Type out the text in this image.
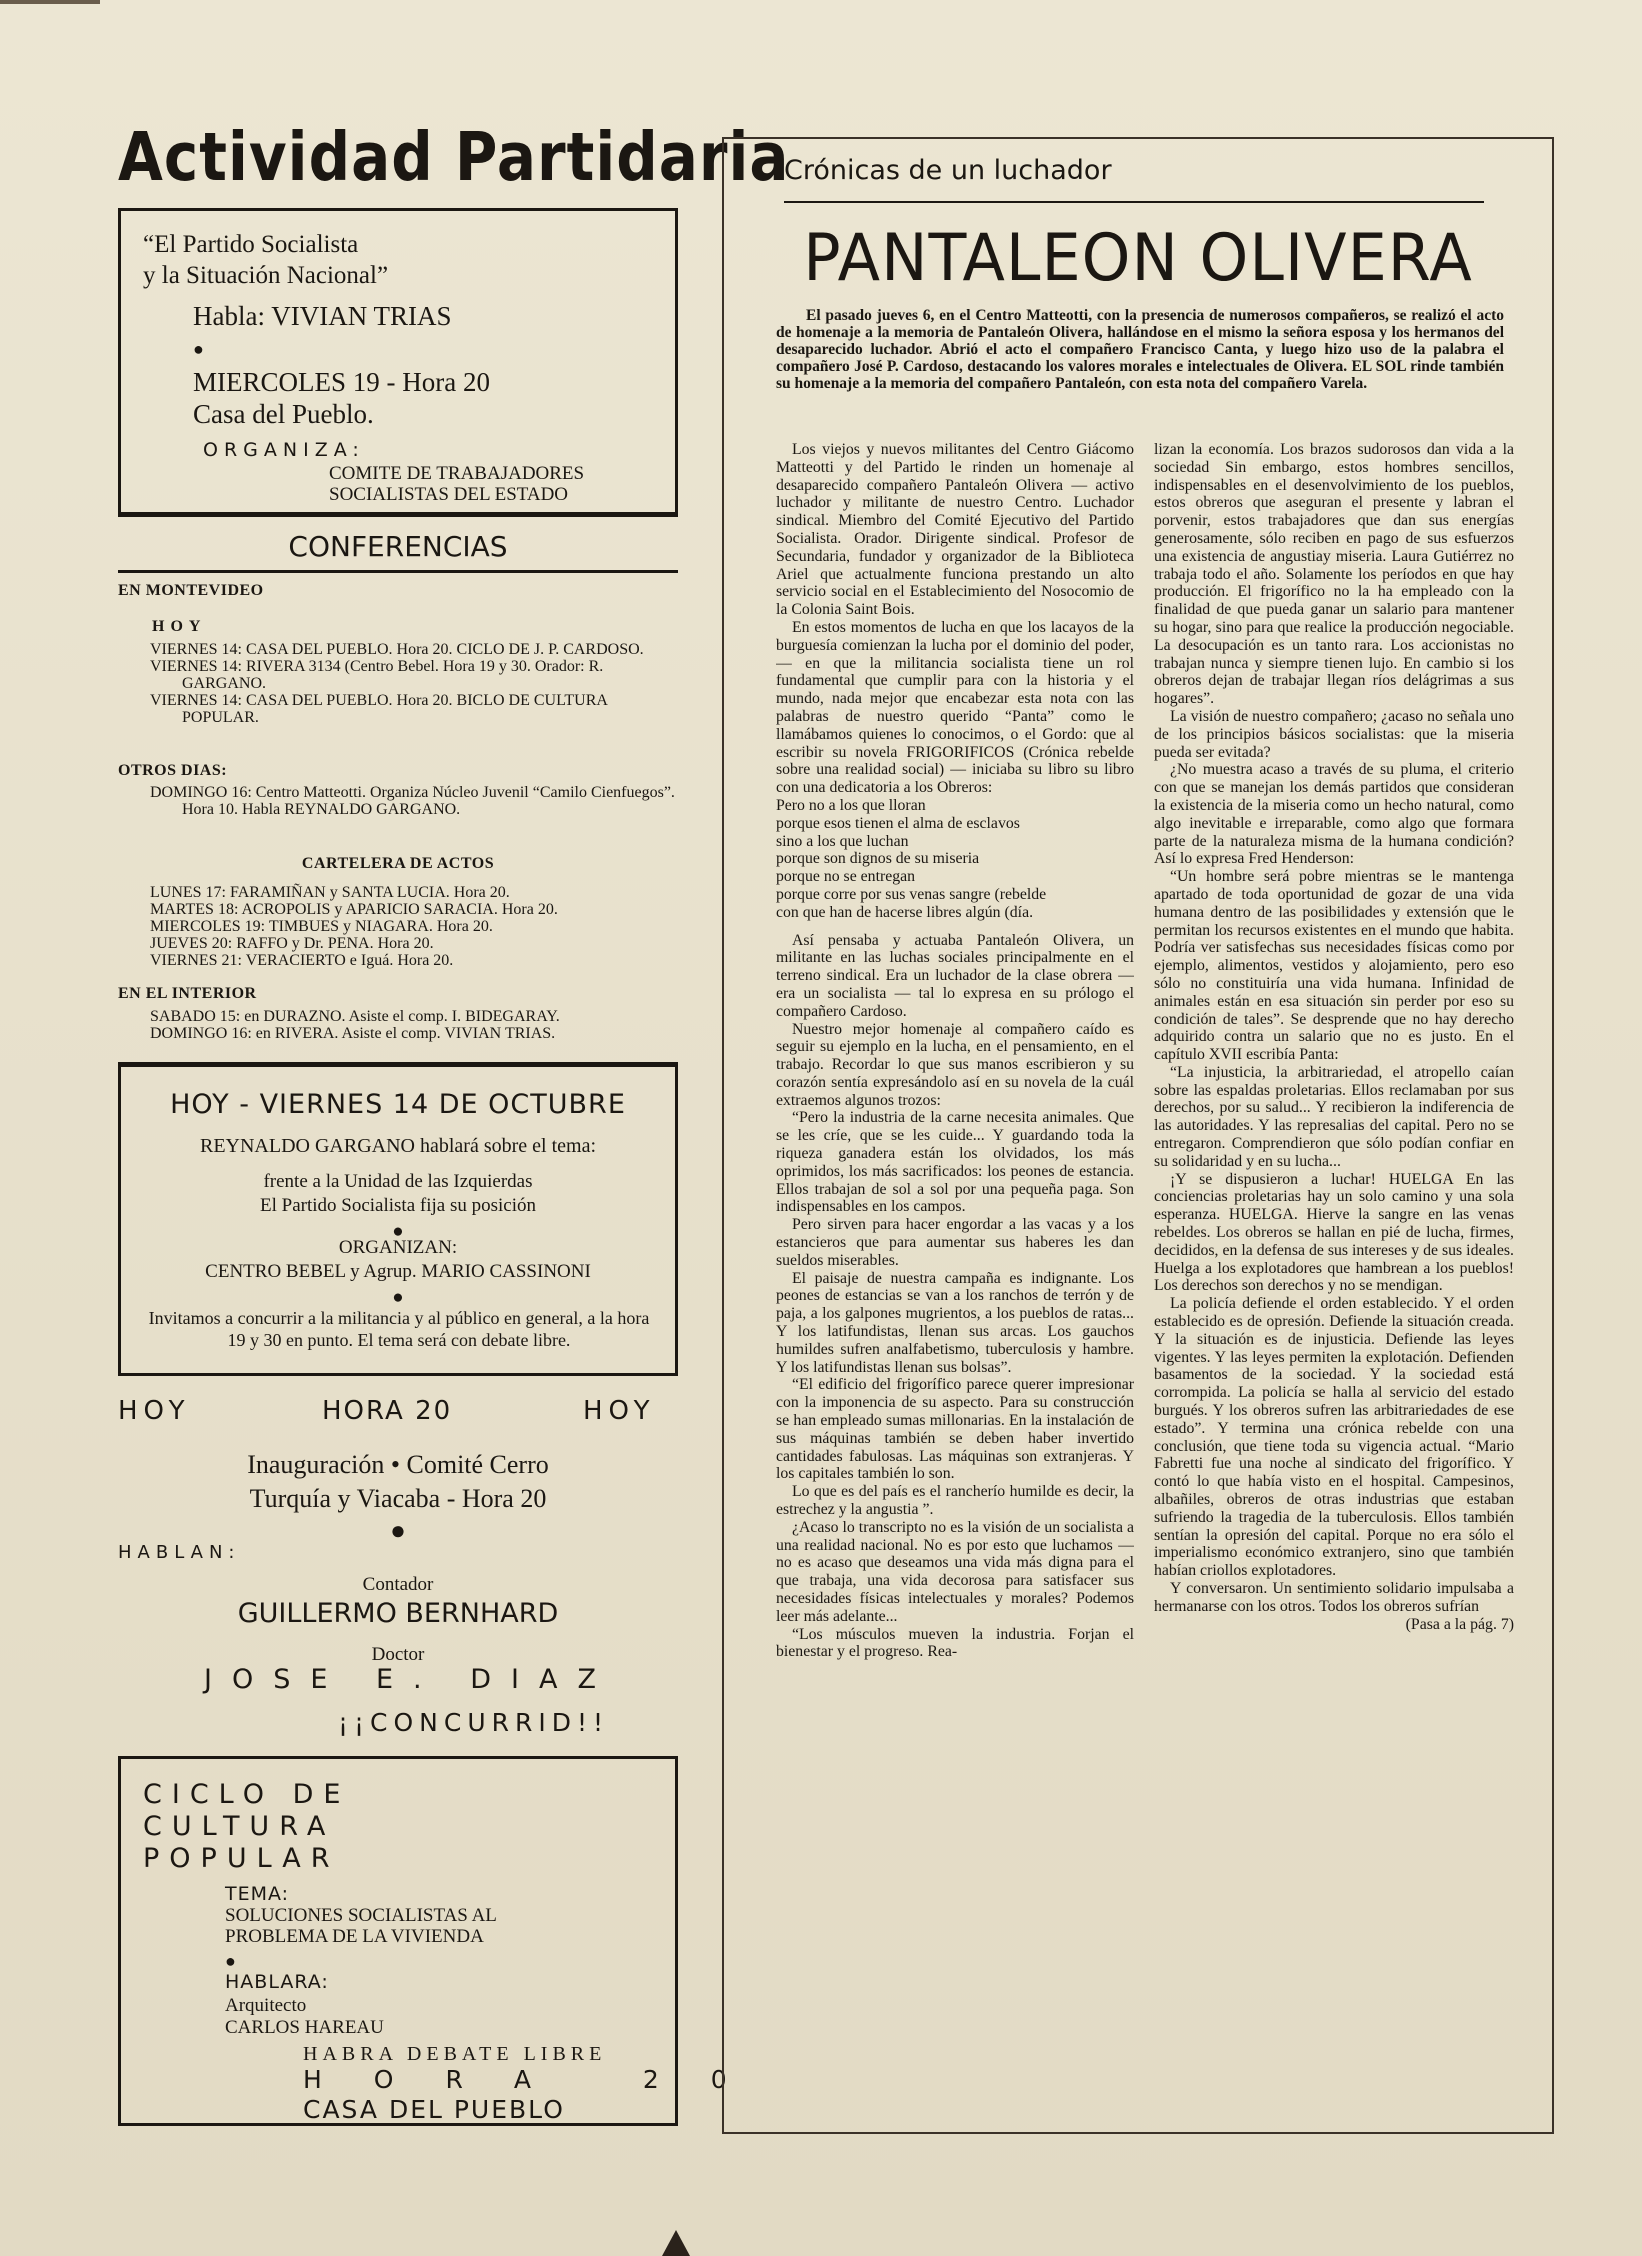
Actividad Partidaria
“El Partido Socialista
y la Situación Nacional”
Habla: VIVIAN TRIAS
●
MIERCOLES 19 - Hora 20
Casa del Pueblo.
ORGANIZA:
COMITE DE TRABAJADORES
SOCIALISTAS DEL ESTADO
CONFERENCIAS
EN MONTEVIDEO
HOY
VIERNES 14: CASA DEL PUEBLO. Hora 20. CICLO DE J. P. CARDOSO.
VIERNES 14: RIVERA 3134 (Centro Bebel. Hora 19 y 30. Orador: R. GARGANO.
VIERNES 14: CASA DEL PUEBLO. Hora 20. BICLO DE CULTURA POPULAR.
OTROS DIAS:
DOMINGO 16: Centro Matteotti. Organiza Núcleo Juvenil “Camilo Cienfuegos”. Hora 10. Habla REYNALDO GARGANO.
CARTELERA DE ACTOS
LUNES 17: FARAMIÑAN y SANTA LUCIA. Hora 20.
MARTES 18: ACROPOLIS y APARICIO SARACIA. Hora 20.
MIERCOLES 19: TIMBUES y NIAGARA. Hora 20.
JUEVES 20: RAFFO y Dr. PENA. Hora 20.
VIERNES 21: VERACIERTO e Iguá. Hora 20.
EN EL INTERIOR
SABADO 15: en DURAZNO. Asiste el comp. I. BIDEGARAY.
DOMINGO 16: en RIVERA. Asiste el comp. VIVIAN TRIAS.
HOY - VIERNES 14 DE OCTUBRE
REYNALDO GARGANO hablará sobre el tema:
frente a la Unidad de las Izquierdas
El Partido Socialista fija su posición
●
ORGANIZAN:
CENTRO BEBEL y Agrup. MARIO CASSINONI
●
Invitamos a concurrir a la militancia y al público en general, a la hora 19 y 30 en punto. El tema será con debate libre.
HOY	HORA 20	HOY
Inauguración • Comité Cerro
Turquía y Viacaba - Hora 20
●
HABLAN:
Contador
GUILLERMO BERNHARD
Doctor
JOSE E. DIAZ
¡¡CONCURRID!!
CICLO DE
CULTURA
POPULAR
TEMA:
SOLUCIONES SOCIALISTAS AL
PROBLEMA DE LA VIVIENDA
●
HABLARA:
Arquitecto
CARLOS HAREAU
HABRA DEBATE LIBRE
HORA 20
CASA DEL PUEBLO
Crónicas de un luchador
PANTALEON OLIVERA
El pasado jueves 6, en el Centro Matteotti, con la presencia de numerosos compañeros, se realizó el acto de homenaje a la memoria de Pantaleón Olivera, hallándose en el mismo la señora esposa y los hermanos del desaparecido luchador. Abrió el acto el compañero Francisco Canta, y luego hizo uso de la palabra el compañero José P. Cardoso, destacando los valores morales e intelectuales de Olivera. EL SOL rinde también su homenaje a la memoria del compañero Pantaleón, con esta nota del compañero Varela.

Los viejos y nuevos militantes del Centro Giácomo Matteotti y del Partido le rinden un homenaje al desaparecido compañero Pantaleón Olivera — activo luchador y militante de nuestro Centro. Luchador sindical. Miembro del Comité Ejecutivo del Partido Socialista. Orador. Dirigente sindical. Profesor de Secundaria, fundador y organizador de la Biblioteca Ariel que actualmente funciona prestando un alto servicio social en el Establecimiento del Nosocomio de la Colonia Saint Bois.

En estos momentos de lucha en que los lacayos de la burguesía comienzan la lucha por el dominio del poder, — en que la militancia socialista tiene un rol fundamental que cumplir para con la historia y el mundo, nada mejor que encabezar esta nota con las palabras de nuestro querido “Panta” como le llamábamos quienes lo conocimos, o el Gordo: que al escribir su novela FRIGORIFICOS (Crónica rebelde sobre una realidad social) — iniciaba su libro su libro con una dedicatoria a los Obreros:

Pero no a los que lloran

porque esos tienen el alma de esclavos

sino a los que luchan

porque son dignos de su miseria

porque no se entregan

porque corre por sus venas sangre (rebelde

con que han de hacerse libres algún (día.

Así pensaba y actuaba Pantaleón Olivera, un militante en las luchas sociales principalmente en el terreno sindical. Era un luchador de la clase obrera — era un socialista — tal lo expresa en su prólogo el compañero Cardoso.

Nuestro mejor homenaje al compañero caído es seguir su ejemplo en la lucha, en el pensamiento, en el trabajo. Recordar lo que sus manos escribieron y su corazón sentía expresándolo así en su novela de la cuál extraemos algunos trozos:

“Pero la industria de la carne necesita animales. Que se les críe, que se les cuide... Y guardando toda la riqueza ganadera están los olvidados, los más oprimidos, los más sacrificados: los peones de estancia. Ellos trabajan de sol a sol por una pequeña paga. Son indispensables en los campos.

Pero sirven para hacer engordar a las vacas y a los estancieros que para aumentar sus haberes les dan sueldos miserables.

El paisaje de nuestra campaña es indignante. Los peones de estancias se van a los ranchos de terrón y de paja, a los galpones mugrientos, a los pueblos de ratas... Y los latifundistas, llenan sus arcas. Los gauchos humildes sufren analfabetismo, tuberculosis y hambre. Y los latifundistas llenan sus bolsas”.

“El edificio del frigorífico parece querer impresionar con la imponencia de su aspecto. Para su construcción se han empleado sumas millonarias. En la instalación de sus máquinas también se deben haber invertido cantidades fabulosas. Las máquinas son extranjeras. Y los capitales también lo son.

Lo que es del país es el rancherío humilde es decir, la estrechez y la angustia ”.

¿Acaso lo transcripto no es la visión de un socialista a una realidad nacional. No es por esto que luchamos — no es acaso que deseamos una vida más digna para el que trabaja, una vida decorosa para satisfacer sus necesidades físicas intelectuales y morales? Podemos leer más adelante...

“Los músculos mueven la industria. Forjan el bienestar y el progreso. Rea-

lizan la economía. Los brazos sudorosos dan vida a la sociedad Sin embargo, estos hombres sencillos, indispensables en el desenvolvimiento de los pueblos, estos obreros que aseguran el presente y labran el porvenir, estos trabajadores que dan sus energías generosamente, sólo reciben en pago de sus esfuerzos una existencia de angustiay miseria. Laura Gutiérrez no trabaja todo el año. Solamente los períodos en que hay producción. El frigorífico no la ha empleado con la finalidad de que pueda ganar un salario para mantener su hogar, sino para que realice la producción negociable. La desocupación es un tanto rara. Los accionistas no trabajan nunca y siempre tienen lujo. En cambio si los obreros dejan de trabajar llegan ríos delágrimas a sus hogares”.

La visión de nuestro compañero; ¿acaso no señala uno de los principios básicos socialistas: que la miseria pueda ser evitada?

¿No muestra acaso a través de su pluma, el criterio con que se manejan los demás partidos que consideran la existencia de la miseria como un hecho natural, como algo inevitable e irreparable, como algo que formara parte de la naturaleza misma de la humana condición? Así lo expresa Fred Henderson:

“Un hombre será pobre mientras se le mantenga apartado de toda oportunidad de gozar de una vida humana dentro de las posibilidades y extensión que le permitan los recursos existentes en el mundo que habita. Podría ver satisfechas sus necesidades físicas como por ejemplo, alimentos, vestidos y alojamiento, pero eso sólo no constituiría una vida humana. Infinidad de animales están en esa situación sin perder por eso su condición de tales”. Se desprende que no hay derecho adquirido contra un salario que no es justo. En el capítulo XVII escribía Panta:

“La injusticia, la arbitrariedad, el atropello caían sobre las espaldas proletarias. Ellos reclamaban por sus derechos, por su salud... Y recibieron la indiferencia de las autoridades. Y las represalias del capital. Pero no se entregaron. Comprendieron que sólo podían confiar en su solidaridad y en su lucha...

¡Y se dispusieron a luchar! HUELGA En las conciencias proletarias hay un solo camino y una sola esperanza. HUELGA. Hierve la sangre en las venas rebeldes. Los obreros se hallan en pié de lucha, firmes, decididos, en la defensa de sus intereses y de sus ideales. Huelga a los explotadores que hambrean a los pueblos! Los derechos son derechos y no se mendigan.

La policía defiende el orden establecido. Y el orden establecido es de opresión. Defiende la situación creada. Y la situación es de injusticia. Defiende las leyes vigentes. Y las leyes permiten la explotación. Defienden basamentos de la sociedad. Y la sociedad está corrompida. La policía se halla al servicio del estado burgués. Y los obreros sufren las arbitrariedades de ese estado”. Y termina una crónica rebelde con una conclusión, que tiene toda su vigencia actual. “Mario Fabretti fue una noche al sindicato del frigorífico. Y contó lo que había visto en el hospital. Campesinos, albañiles, obreros de otras industrias que estaban sufriendo la tragedia de la tuberculosis. Ellos también sentían la opresión del capital. Porque no era sólo el imperialismo económico extranjero, sino que también habían criollos explotadores.

Y conversaron. Un sentimiento solidario impulsaba a hermanarse con los otros. Todos los obreros sufrían

(Pasa a la pág. 7)
